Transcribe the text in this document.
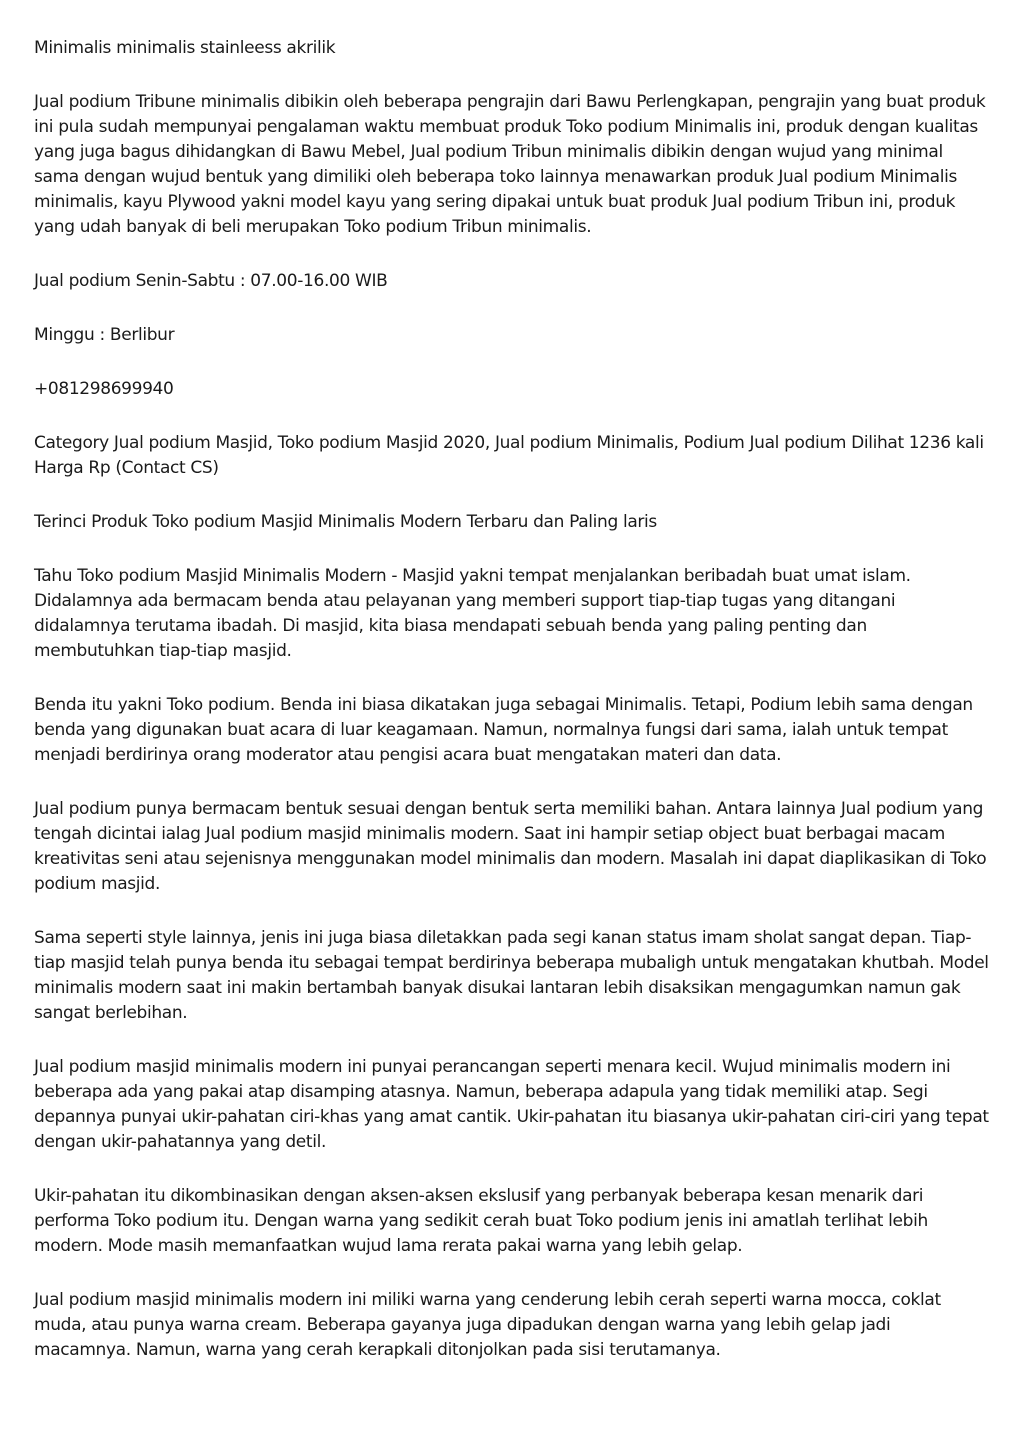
Minimalis minimalis stainleess akrilik

Jual podium Tribune minimalis dibikin oleh beberapa pengrajin dari Bawu Perlengkapan, pengrajin yang buat produk ini pula sudah mempunyai pengalaman waktu membuat produk Toko podium Minimalis ini, produk dengan kualitas yang juga bagus dihidangkan di Bawu Mebel, Jual podium Tribun minimalis dibikin dengan wujud yang minimal sama dengan wujud bentuk yang dimiliki oleh beberapa toko lainnya menawarkan produk Jual podium Minimalis minimalis, kayu Plywood yakni model kayu yang sering dipakai untuk buat produk Jual podium Tribun ini, produk yang udah banyak di beli merupakan Toko podium Tribun minimalis.

Jual podium Senin-Sabtu : 07.00-16.00 WIB

Minggu : Berlibur

+081298699940

Category Jual podium Masjid, Toko podium Masjid 2020, Jual podium Minimalis, Podium Jual podium Dilihat 1236 kali Harga Rp (Contact CS)

Terinci Produk Toko podium Masjid Minimalis Modern Terbaru dan Paling laris

Tahu Toko podium Masjid Minimalis Modern - Masjid yakni tempat menjalankan beribadah buat umat islam. Didalamnya ada bermacam benda atau pelayanan yang memberi support tiap-tiap tugas yang ditangani didalamnya terutama ibadah. Di masjid, kita biasa mendapati sebuah benda yang paling penting dan membutuhkan tiap-tiap masjid.

Benda itu yakni Toko podium. Benda ini biasa dikatakan juga sebagai Minimalis. Tetapi, Podium lebih sama dengan benda yang digunakan buat acara di luar keagamaan. Namun, normalnya fungsi dari sama, ialah untuk tempat menjadi berdirinya orang moderator atau pengisi acara buat mengatakan materi dan data.

Jual podium punya bermacam bentuk sesuai dengan bentuk serta memiliki bahan. Antara lainnya Jual podium yang tengah dicintai ialag Jual podium masjid minimalis modern. Saat ini hampir setiap object buat berbagai macam kreativitas seni atau sejenisnya menggunakan model minimalis dan modern. Masalah ini dapat diaplikasikan di Toko podium masjid.

Sama seperti style lainnya, jenis ini juga biasa diletakkan pada segi kanan status imam sholat sangat depan. Tiap-tiap masjid telah punya benda itu sebagai tempat berdirinya beberapa mubaligh untuk mengatakan khutbah. Model minimalis modern saat ini makin bertambah banyak disukai lantaran lebih disaksikan mengagumkan namun gak sangat berlebihan.

Jual podium masjid minimalis modern ini punyai perancangan seperti menara kecil. Wujud minimalis modern ini beberapa ada yang pakai atap disamping atasnya. Namun, beberapa adapula yang tidak memiliki atap. Segi depannya punyai ukir-pahatan ciri-khas yang amat cantik. Ukir-pahatan itu biasanya ukir-pahatan ciri-ciri yang tepat dengan ukir-pahatannya yang detil.

Ukir-pahatan itu dikombinasikan dengan aksen-aksen ekslusif yang perbanyak beberapa kesan menarik dari performa Toko podium itu. Dengan warna yang sedikit cerah buat Toko podium jenis ini amatlah terlihat lebih modern. Mode masih memanfaatkan wujud lama rerata pakai warna yang lebih gelap.

Jual podium masjid minimalis modern ini miliki warna yang cenderung lebih cerah seperti warna mocca, coklat muda, atau punya warna cream. Beberapa gayanya juga dipadukan dengan warna yang lebih gelap jadi macamnya. Namun, warna yang cerah kerapkali ditonjolkan pada sisi terutamanya.
